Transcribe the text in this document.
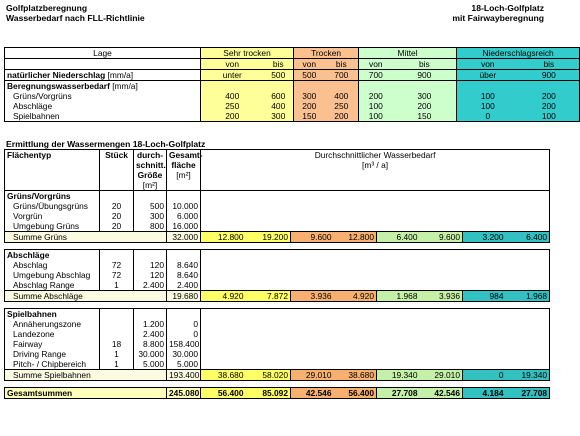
Golfplatzberegnung
Wasserbedarf nach FLL-Richtlinie
18-Loch-Golfplatz
mit Fairwayberegnung
Lage	Sehr trocken		Trocken		Mittel		Niederschlagsreich	
	von	bis	von	bis	von	bis	von	bis
natürlicher Niederschlag [mm/a]	unter	500	500	700	700	900	über	900
Beregnungswasserbedarf [mm/a]								
Grüns/Vorgrüns	400	600	300	400	200	300	100	200
Abschläge	250	400	200	250	100	200	100	200
Spielbahnen	200	300	150	200	100	150	0	100
Ermittlung der Wassermengen 18-Loch-Golfplatz
Flächentyp	Stück	durch-	Gesamt-	Durchschnittlicher Wasserbedarf							
		schnitt.	fläche	[m³ / a]							
		Größe	[m²]								
		[m²]									
Grüns/Vorgrüns											
Grüns/Übungsgrüns	20	500	10.000								
Vorgrün	20	300	6.000								
Umgebung Grüns	20	800	16.000								
Summe Grüns			32.000	12.800	19.200	9.600	12.800	6.400	9.600	3.200	6.400

Abschläge											
Abschlag	72	120	8.640								
Umgebung Abschlag	72	120	8.640								
Abschlag Range	1	2.400	2.400								
Summe Abschläge			19.680	4.920	7.872	3.936	4.920	1.968	3.936	984	1.968

Spielbahnen											
Annäherungszone		1.200	0								
Landezone		2.400	0								
Fairway	18	8.800	158.400								
Driving Range	1	30.000	30.000								
Pitch- / Chipbereich	1	5.000	5.000								
Summe Spielbahnen			193.400	38.680	58.020	29.010	38.680	19.340	29.010	0	19.340

Gesamtsummen			245.080	56.400	85.092	42.546	56.400	27.708	42.546	4.184	27.708
